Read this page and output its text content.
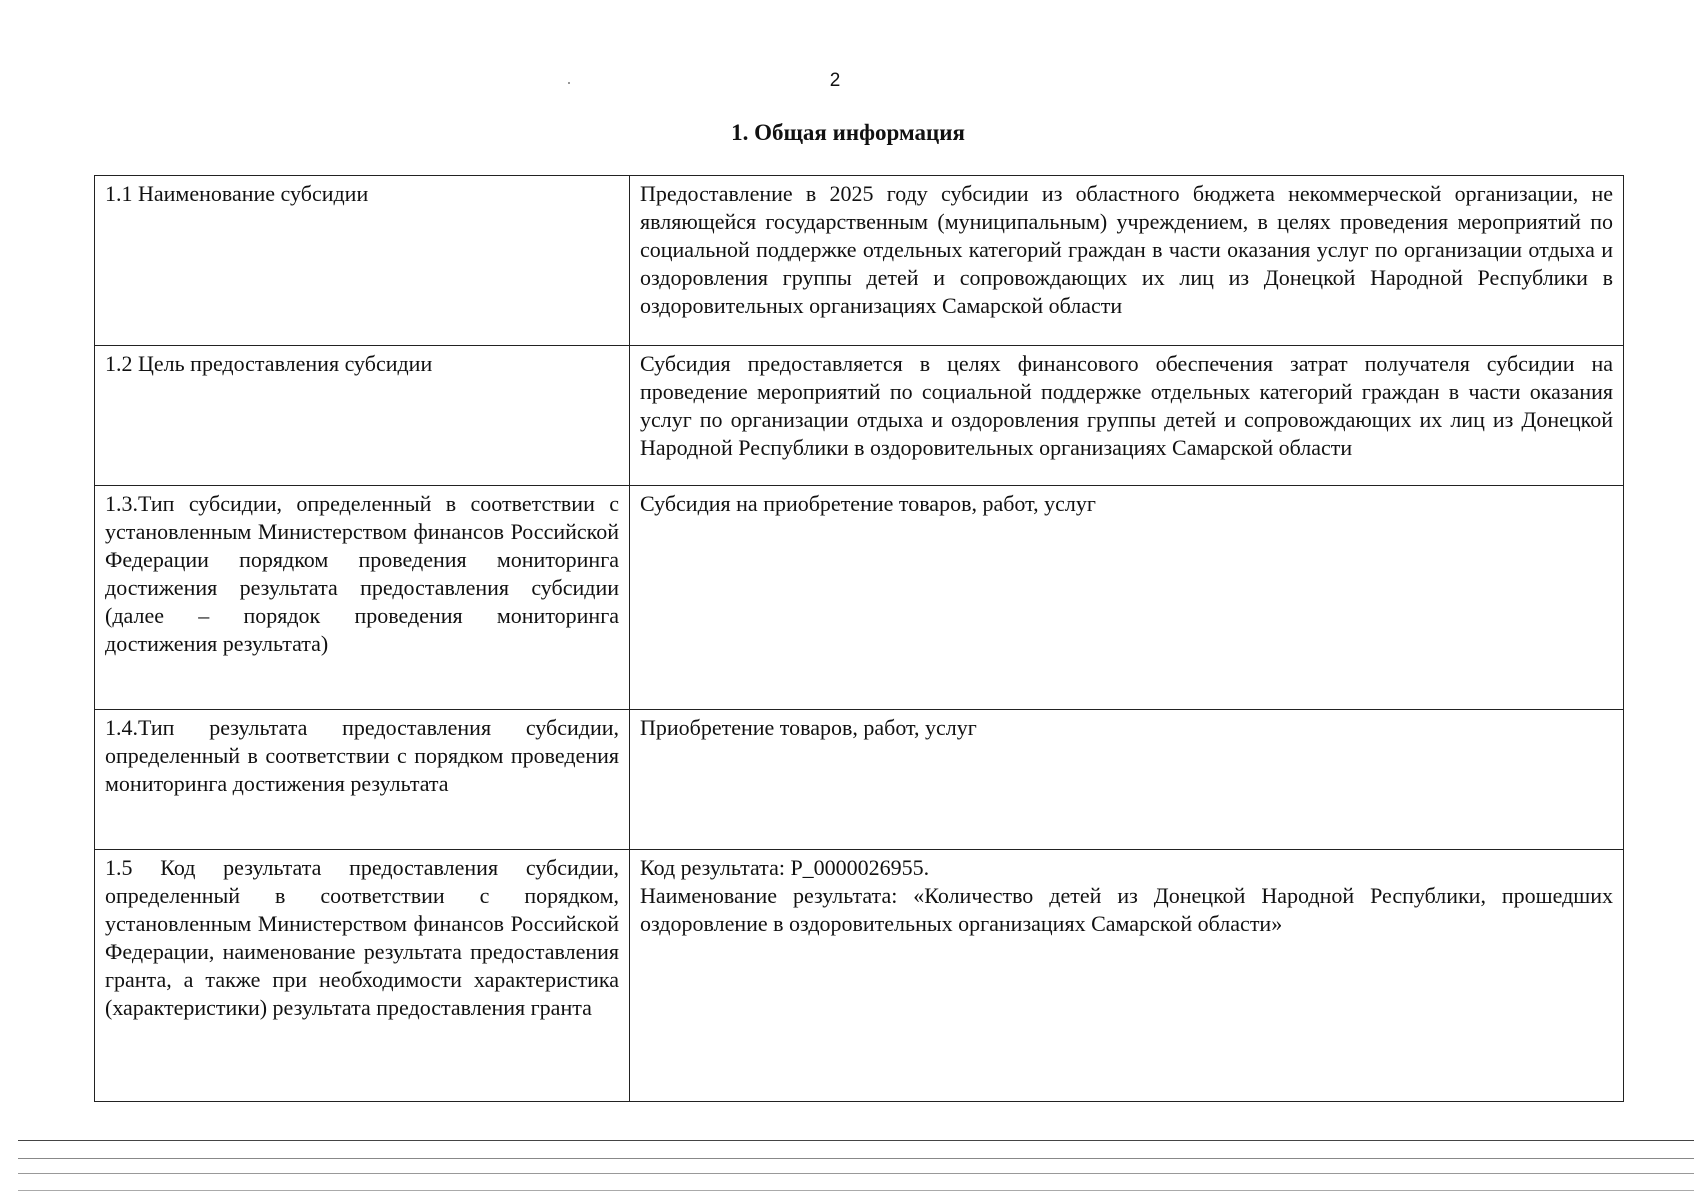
2
1. Общая информация
1.1 Наименование субсидии	Предоставление в 2025 году субсидии из областного бюджета некоммерческой организации, не являющейся государственным (муниципальным) учреждением, в целях проведения мероприятий по социальной поддержке отдельных категорий граждан в части оказания услуг по организации отдыха и оздоровления группы детей и сопровождающих их лиц из Донецкой Народной Республики в оздоровительных организациях Самарской области
1.2 Цель предоставления субсидии	Субсидия предоставляется в целях финансового обеспечения затрат получателя субсидии на проведение мероприятий по социальной поддержке отдельных категорий граждан в части оказания услуг по организации отдыха и оздоровления группы детей и сопровождающих их лиц из Донецкой Народной Республики в оздоровительных организациях Самарской области
1.3.Тип субсидии, определенный в соответствии с установленным Министерством финансов Российской Федерации порядком проведения мониторинга достижения результата предоставления субсидии (далее – порядок проведения мониторинга достижения результата)	Субсидия на приобретение товаров, работ, услуг
1.4.Тип результата предоставления субсидии, определенный в соответствии с порядком проведения мониторинга достижения результата	Приобретение товаров, работ, услуг
1.5 Код результата предоставления субсидии, определенный в соответствии с порядком, установленным Министерством финансов Российской Федерации, наименование результата предоставления гранта, а также при необходимости характеристика (характеристики) результата предоставления гранта	Код результата: Р_0000026955.
Наименование результата: «Количество детей из Донецкой Народной Республики, прошедших оздоровление в оздоровительных организациях Самарской области»
